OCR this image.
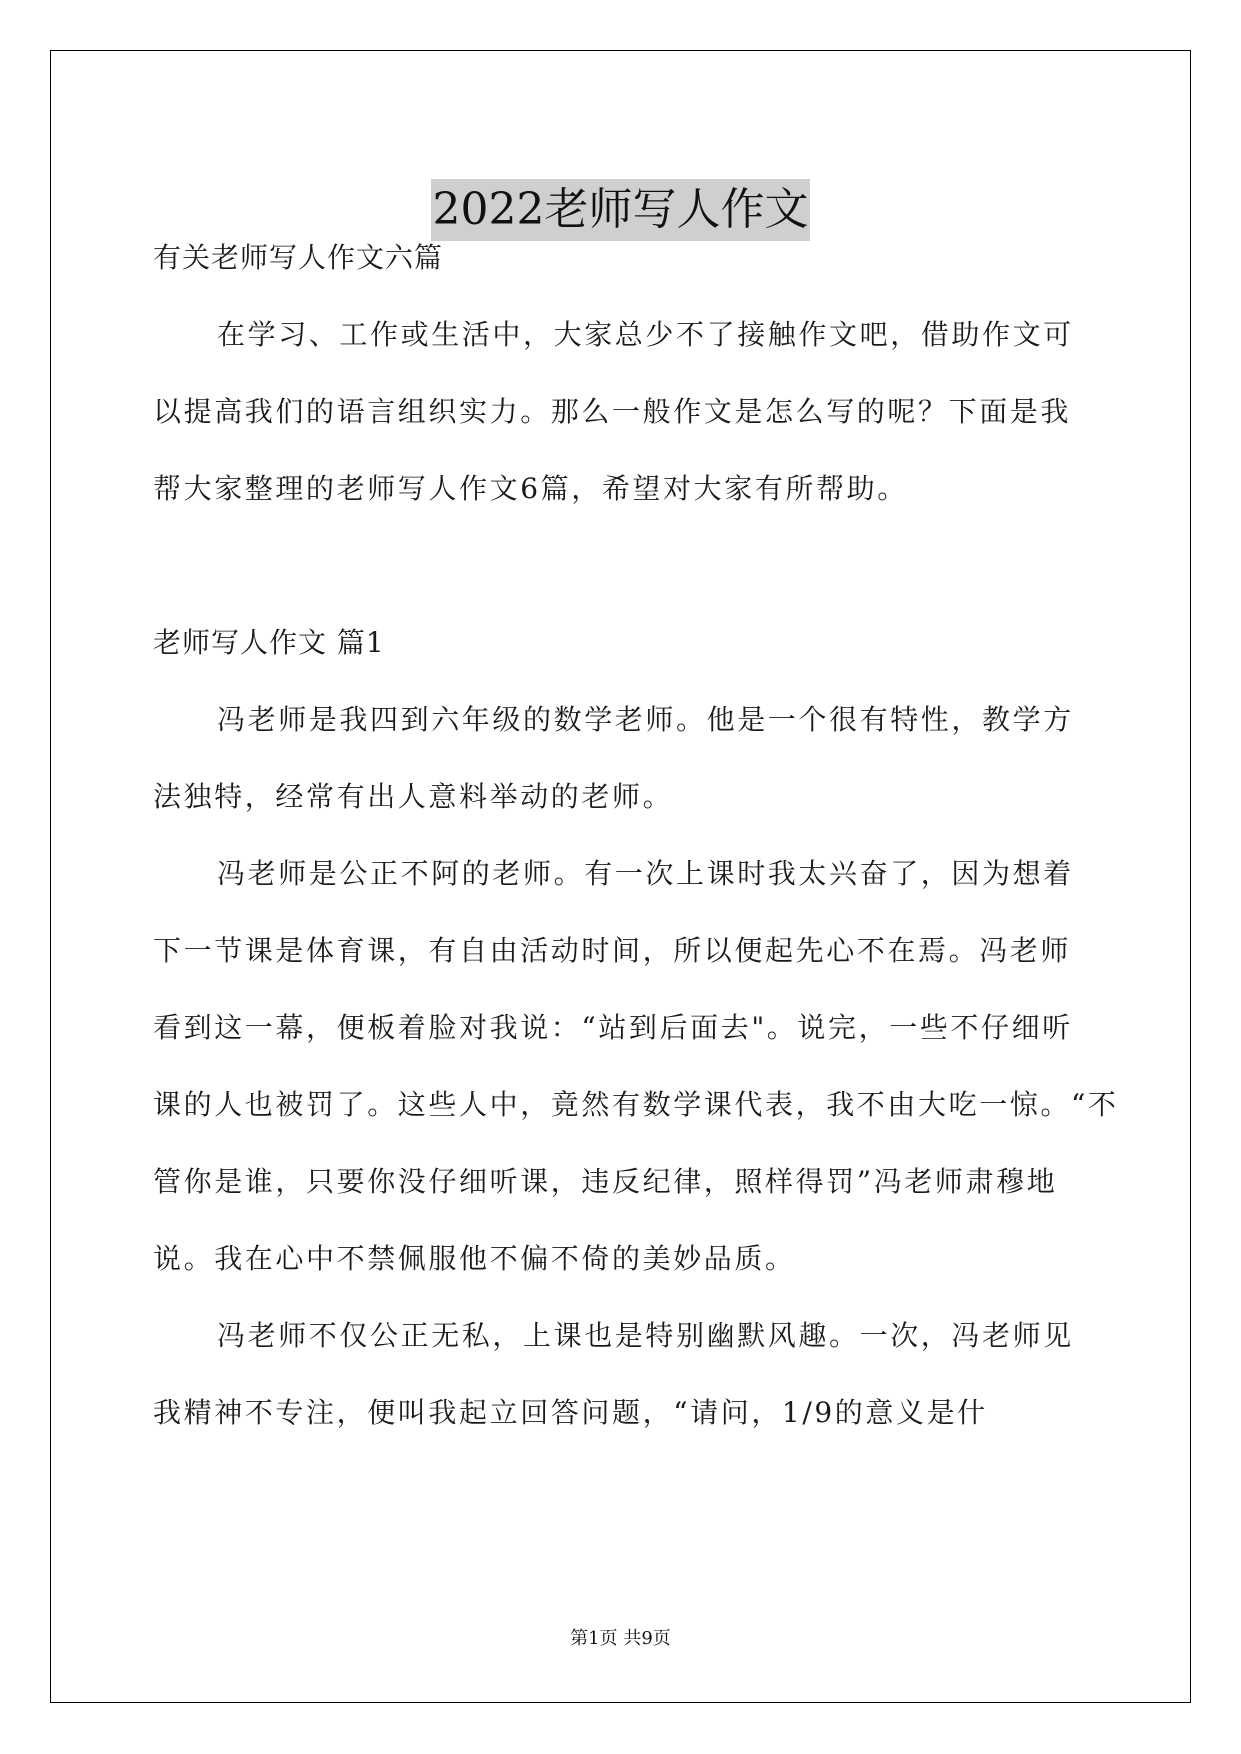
2022老师写人作文
有关老师写人作文六篇
在学习、工作或生活中，大家总少不了接触作文吧，借助作文可
以提高我们的语言组织实力。那么一般作文是怎么写的呢？下面是我
帮大家整理的老师写人作文6篇，希望对大家有所帮助。
老师写人作文 篇1
冯老师是我四到六年级的数学老师。他是一个很有特性，教学方
法独特，经常有出人意料举动的老师。
冯老师是公正不阿的老师。有一次上课时我太兴奋了，因为想着
下一节课是体育课，有自由活动时间，所以便起先心不在焉。冯老师
看到这一幕，便板着脸对我说：“站到后面去"。说完，一些不仔细听
课的人也被罚了。这些人中，竟然有数学课代表，我不由大吃一惊。“不
管你是谁，只要你没仔细听课，违反纪律，照样得罚”冯老师肃穆地
说。我在心中不禁佩服他不偏不倚的美妙品质。
冯老师不仅公正无私，上课也是特别幽默风趣。一次，冯老师见
我精神不专注，便叫我起立回答问题，“请问，1/9的意义是什
第1页 共9页
